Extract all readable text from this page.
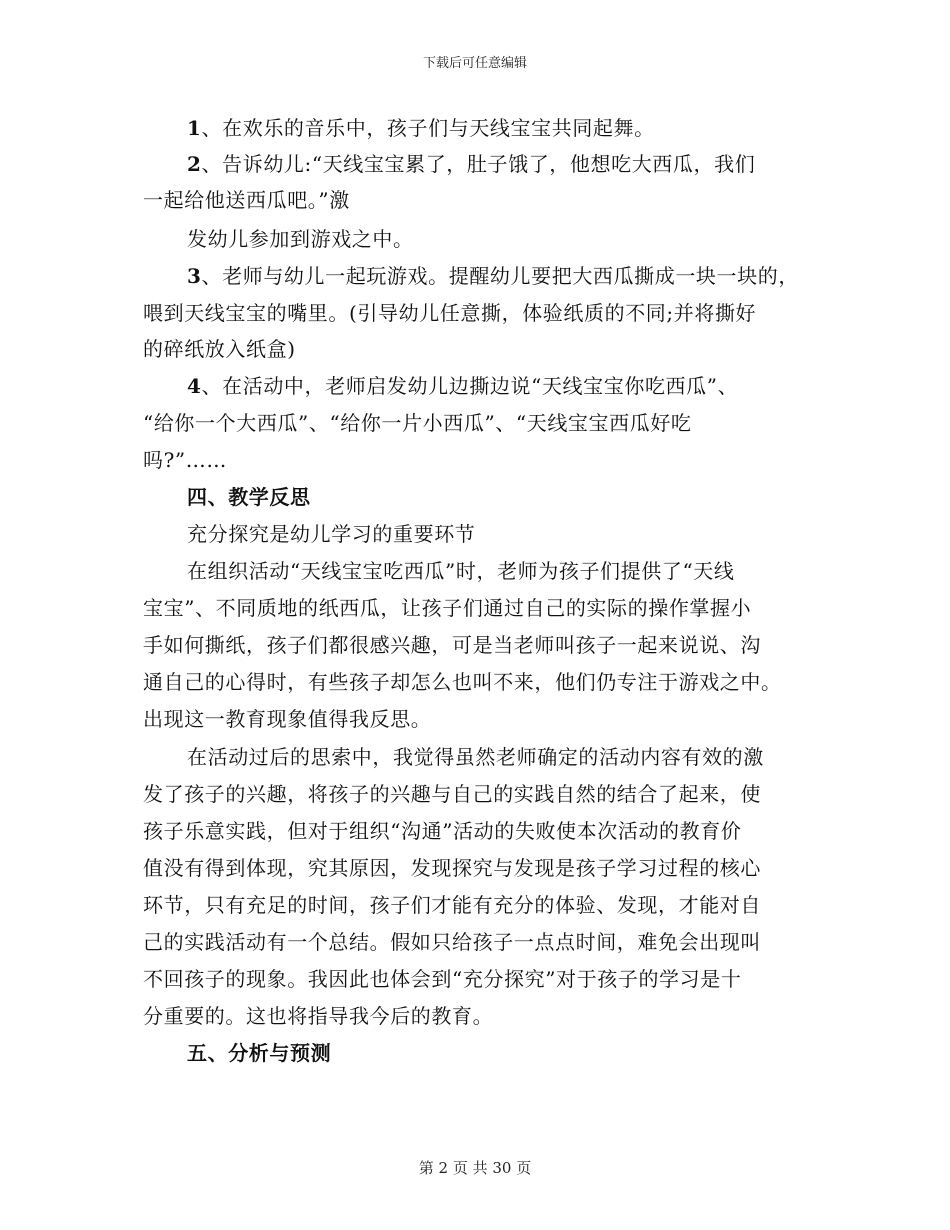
下载后可任意编辑
1、在欢乐的音乐中，孩子们与天线宝宝共同起舞。
2、告诉幼儿:“天线宝宝累了，肚子饿了，他想吃大西瓜，我们
一起给他送西瓜吧。”激
发幼儿参加到游戏之中。
3、老师与幼儿一起玩游戏。提醒幼儿要把大西瓜撕成一块一块的，
喂到天线宝宝的嘴里。(引导幼儿任意撕，体验纸质的不同;并将撕好
的碎纸放入纸盒)
4、在活动中，老师启发幼儿边撕边说“天线宝宝你吃西瓜”、
“给你一个大西瓜”、“给你一片小西瓜”、“天线宝宝西瓜好吃
吗?”……
四、教学反思
充分探究是幼儿学习的重要环节
在组织活动“天线宝宝吃西瓜”时，老师为孩子们提供了“天线
宝宝”、不同质地的纸西瓜，让孩子们通过自己的实际的操作掌握小
手如何撕纸，孩子们都很感兴趣，可是当老师叫孩子一起来说说、沟
通自己的心得时，有些孩子却怎么也叫不来，他们仍专注于游戏之中。
出现这一教育现象值得我反思。
在活动过后的思索中，我觉得虽然老师确定的活动内容有效的激
发了孩子的兴趣，将孩子的兴趣与自己的实践自然的结合了起来，使
孩子乐意实践，但对于组织“沟通”活动的失败使本次活动的教育价
值没有得到体现，究其原因，发现探究与发现是孩子学习过程的核心
环节，只有充足的时间，孩子们才能有充分的体验、发现，才能对自
己的实践活动有一个总结。假如只给孩子一点点时间，难免会出现叫
不回孩子的现象。我因此也体会到“充分探究”对于孩子的学习是十
分重要的。这也将指导我今后的教育。
五、分析与预测
第 2 页 共 30 页
